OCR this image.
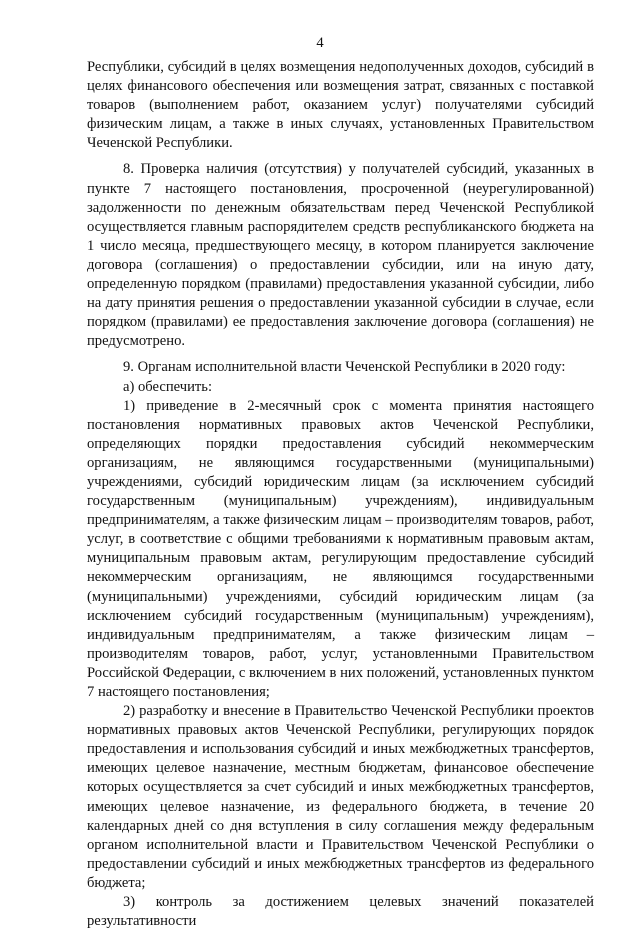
4

Республики, субсидий в целях возмещения недополученных доходов, субсидий в целях финансового обеспечения или возмещения затрат, связанных с поставкой товаров (выполнением работ, оказанием услуг) получателями субсидий физическим лицам, а также в иных случаях, установленных Правительством Чеченской Республики.

8. Проверка наличия (отсутствия) у получателей субсидий, указанных в пункте 7 настоящего постановления, просроченной (неурегулированной) задолженности по денежным обязательствам перед Чеченской Республикой осуществляется главным распорядителем средств республиканского бюджета на 1 число месяца, предшествующего месяцу, в котором планируется заключение договора (соглашения) о предоставлении субсидии, или на иную дату, определенную порядком (правилами) предоставления указанной субсидии, либо на дату принятия решения о предоставлении указанной субсидии в случае, если порядком (правилами) ее предоставления заключение договора (соглашения) не предусмотрено.

9. Органам исполнительной власти Чеченской Республики в 2020 году:

а) обеспечить:

1) приведение в 2-месячный срок с момента принятия настоящего постановления нормативных правовых актов Чеченской Республики, определяющих порядки предоставления субсидий некоммерческим организациям, не являющимся государственными (муниципальными) учреждениями, субсидий юридическим лицам (за исключением субсидий государственным (муниципальным) учреждениям), индивидуальным предпринимателям, а также физическим лицам – производителям товаров, работ, услуг, в соответствие с общими требованиями к нормативным правовым актам, муниципальным правовым актам, регулирующим предоставление субсидий некоммерческим организациям, не являющимся государственными (муниципальными) учреждениями, субсидий юридическим лицам (за исключением субсидий государственным (муниципальным) учреждениям), индивидуальным предпринимателям, а также физическим лицам – производителям товаров, работ, услуг, установленными Правительством Российской Федерации, с включением в них положений, установленных пунктом 7 настоящего постановления;

2) разработку и внесение в Правительство Чеченской Республики проектов нормативных правовых актов Чеченской Республики, регулирующих порядок предоставления и использования субсидий и иных межбюджетных трансфертов, имеющих целевое назначение, местным бюджетам, финансовое обеспечение которых осуществляется за счет субсидий и иных межбюджетных трансфертов, имеющих целевое назначение, из федерального бюджета, в течение 20 календарных дней со дня вступления в силу соглашения между федеральным органом исполнительной власти и Правительством Чеченской Республики о предоставлении субсидий и иных межбюджетных трансфертов из федерального бюджета;

3) контроль за достижением целевых значений показателей результативности
